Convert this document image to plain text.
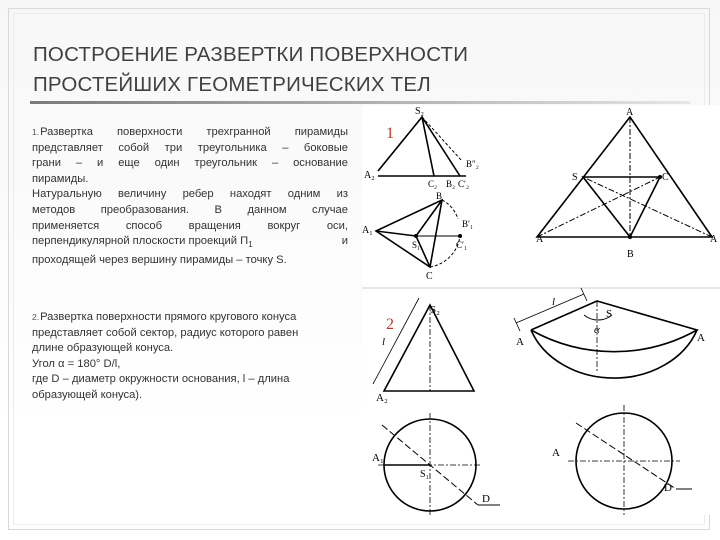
ПОСТРОЕНИЕ РАЗВЕРТКИ ПОВЕРХНОСТИ
ПРОСТЕЙШИХ ГЕОМЕТРИЧЕСКИХ ТЕЛ
1.Развертка поверхности трехгранной пирамиды
представляет собой три треугольника – боковые
грани – и еще один треугольник – основание
пирамиды.
Натуральную величину ребер находят одним из
методов преобразования. В данном случае
применяется способ вращения вокруг оси,
перпендикулярной плоскости проекций $П_1$	и
проходящей через вершину пирамиды – точку S.
2.Развертка поверхности прямого кругового конуса
представляет собой сектор, радиус которого равен
длине образующей конуса.
Угол α = 180° D/l,
где D – диаметр окружности основания, l – длина
образующей конуса).
1
2
S₂
A₂
B″₂
C₂ B₂ C′₂
B
B′₁
A₁
S₁	C′₁
C
A
S	C
A
B
A
S₂
l
A₂
A₁
S₁
D
l
S
α
A	A
A
D
